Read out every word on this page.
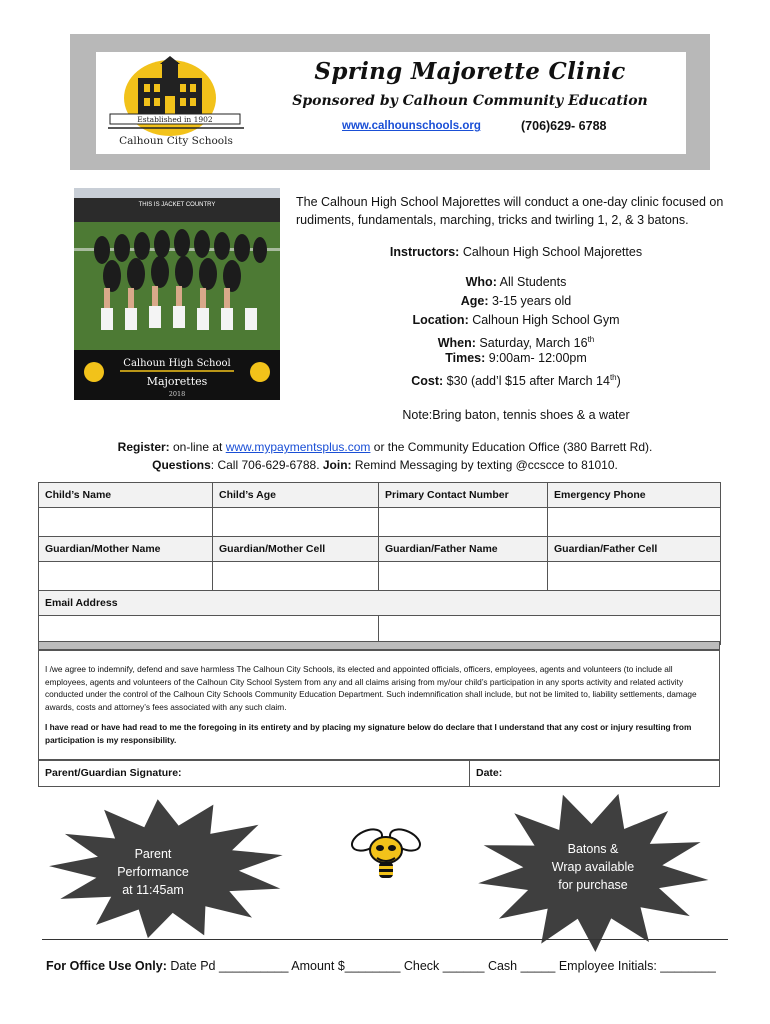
Established in 1902
Calhoun City Schools
Spring Majorette Clinic
Sponsored by Calhoun Community Education
www.calhounschools.org	(706)629- 6788
THIS IS JACKET COUNTRY
Calhoun High School
Majorettes
2018
The Calhoun High School Majorettes will conduct a one-day clinic focused on rudiments, fundamentals, marching, tricks and twirling 1, 2, & 3 batons.
Instructors: Calhoun High School Majorettes
Who: All Students
Age: 3-15 years old
Location: Calhoun High School Gym
When: Saturday, March 16th
Times: 9:00am- 12:00pm
Cost: $30 (add’l $15 after March 14th)
Note:Bring baton, tennis shoes & a water
Register: on-line at www.mypaymentsplus.com or the Community Education Office (380 Barrett Rd).
Questions: Call 706-629-6788. Join: Remind Messaging by texting @ccscce to 81010.
Child’s Name	Child’s Age	Primary Contact Number	Emergency Phone

Guardian/Mother Name	Guardian/Mother Cell	Guardian/Father Name	Guardian/Father Cell

Email Address			

I /we agree to indemnify, defend and save harmless The Calhoun City Schools, its elected and appointed officials, officers, employees, agents and volunteers (to include all employees, agents and volunteers of the Calhoun City School System from any and all claims arising from my/our child’s participation in any sports activity and related activity conducted under the control of the Calhoun City Schools Community Education Department. Such indemnification shall include, but not be limited to, liability settlements, damage awards, costs and attorney’s fees associated with any such claim.

I have read or have had read to me the foregoing in its entirety and by placing my signature below do declare that I understand that any cost or injury resulting from participation is my responsibility.

Parent/Guardian Signature:	Date:
Parent
Performance
at 11:45am
Batons &
Wrap available
for purchase
For Office Use Only: Date Pd __________ Amount $________ Check ______ Cash _____ Employee Initials: ________
